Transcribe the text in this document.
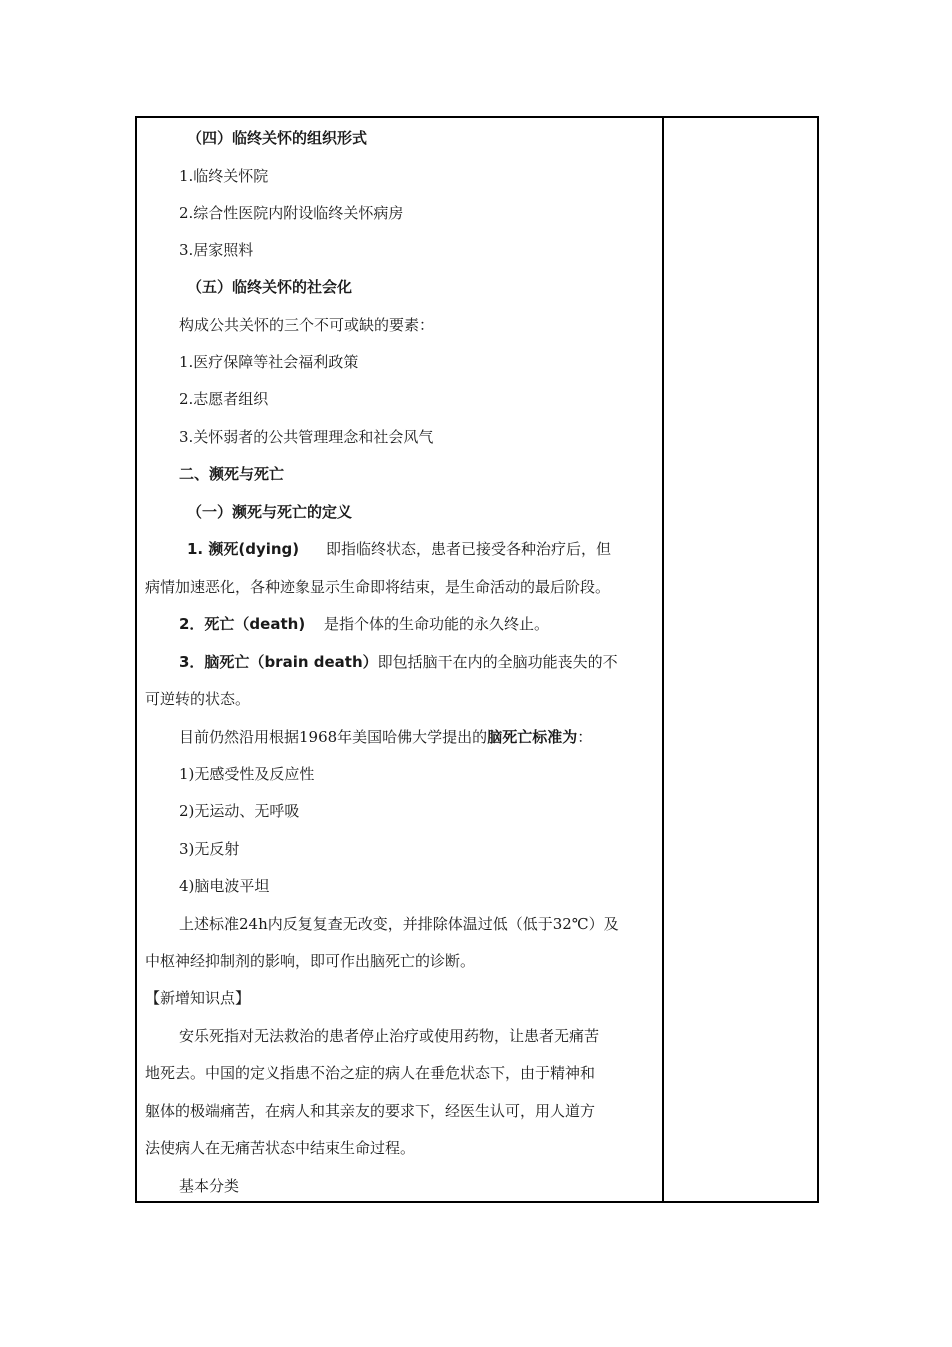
（四）临终关怀的组织形式
1.临终关怀院
2.综合性医院内附设临终关怀病房
3.居家照料
（五）临终关怀的社会化
构成公共关怀的三个不可或缺的要素：
1.医疗保障等社会福利政策
2.志愿者组织
3.关怀弱者的公共管理理念和社会风气
二、濒死与死亡
（一）濒死与死亡的定义
1. 濒死(dying) 即指临终状态，患者已接受各种治疗后，但
病情加速恶化，各种迹象显示生命即将结束，是生命活动的最后阶段。
2．死亡（death) 是指个体的生命功能的永久终止。
3．脑死亡（brain death）即包括脑干在内的全脑功能丧失的不
可逆转的状态。
目前仍然沿用根据1968年美国哈佛大学提出的脑死亡标准为：
1)无感受性及反应性
2)无运动、无呼吸
3)无反射
4)脑电波平坦
上述标准24h内反复复查无改变，并排除体温过低（低于32℃）及
中枢神经抑制剂的影响，即可作出脑死亡的诊断。
【新增知识点】
安乐死指对无法救治的患者停止治疗或使用药物，让患者无痛苦
地死去。中国的定义指患不治之症的病人在垂危状态下，由于精神和
躯体的极端痛苦，在病人和其亲友的要求下，经医生认可，用人道方
法使病人在无痛苦状态中结束生命过程。
基本分类
